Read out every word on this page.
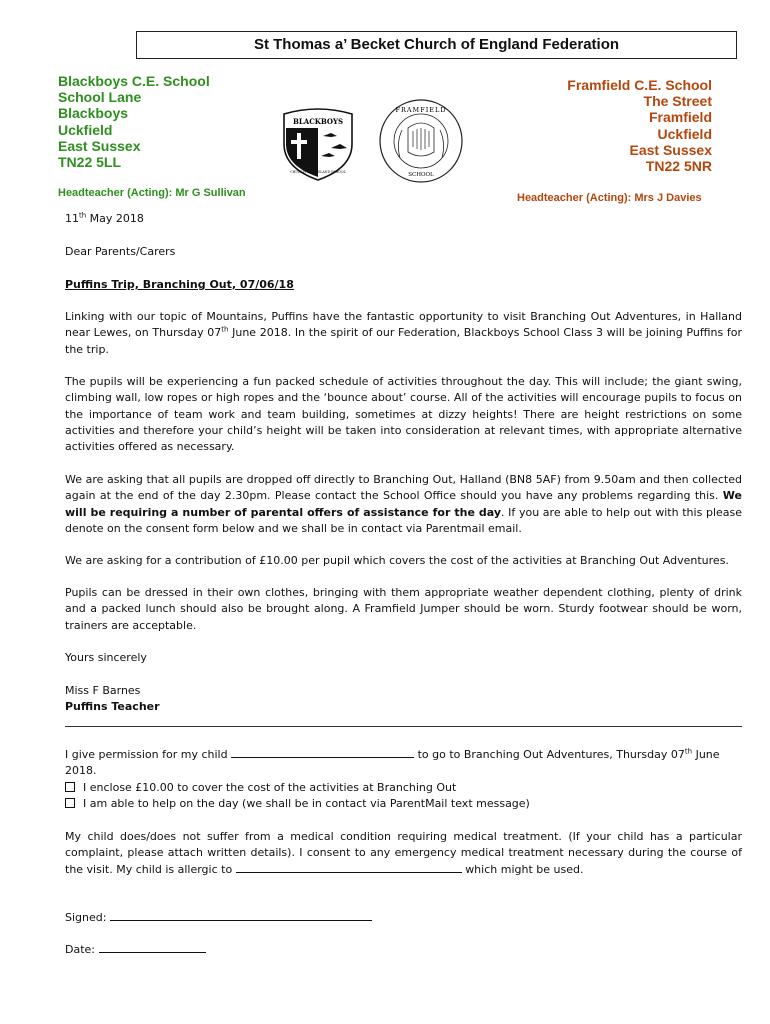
St Thomas a’ Becket Church of England Federation
Blackboys C.E. School
School Lane
Blackboys
Uckfield
East Sussex
TN22 5LL
Headteacher (Acting): Mr G Sullivan
Framfield C.E. School
The Street
Framfield
Uckfield
East Sussex
TN22 5NR
Headteacher (Acting): Mrs J Davies
BLACKBOYS
CHURCH OF ENGLAND SCHOOL
FRAMFIELD
SCHOOL

11th May 2018

Dear Parents/Carers

Puffins Trip, Branching Out, 07/06/18

Linking with our topic of Mountains, Puffins have the fantastic opportunity to visit Branching Out Adventures, in Halland near Lewes, on Thursday 07th June 2018. In the spirit of our Federation, Blackboys School Class 3 will be joining Puffins for the trip.

The pupils will be experiencing a fun packed schedule of activities throughout the day. This will include; the giant swing, climbing wall, low ropes or high ropes and the ‘bounce about’ course. All of the activities will encourage pupils to focus on the importance of team work and team building, sometimes at dizzy heights! There are height restrictions on some activities and therefore your child’s height will be taken into consideration at relevant times, with appropriate alternative activities offered as necessary.

We are asking that all pupils are dropped off directly to Branching Out, Halland (BN8 5AF) from 9.50am and then collected again at the end of the day 2.30pm. Please contact the School Office should you have any problems regarding this. We will be requiring a number of parental offers of assistance for the day. If you are able to help out with this please denote on the consent form below and we shall be in contact via Parentmail email.

We are asking for a contribution of £10.00 per pupil which covers the cost of the activities at Branching Out Adventures.

Pupils can be dressed in their own clothes, bringing with them appropriate weather dependent clothing, plenty of drink and a packed lunch should also be brought along. A Framfield Jumper should be worn. Sturdy footwear should be worn, trainers are acceptable.

Yours sincerely

Miss F Barnes

Puffins Teacher

I give permission for my child	to go to Branching Out Adventures, Thursday 07th June 2018.

I enclose £10.00 to cover the cost of the activities at Branching Out

I am able to help on the day (we shall be in contact via ParentMail text message)

My child does/does not suffer from a medical condition requiring medical treatment. (If your child has a particular complaint, please attach written details). I consent to any emergency medical treatment necessary during the course of the visit. My child is allergic to	which might be used.

Signed:

Date:
